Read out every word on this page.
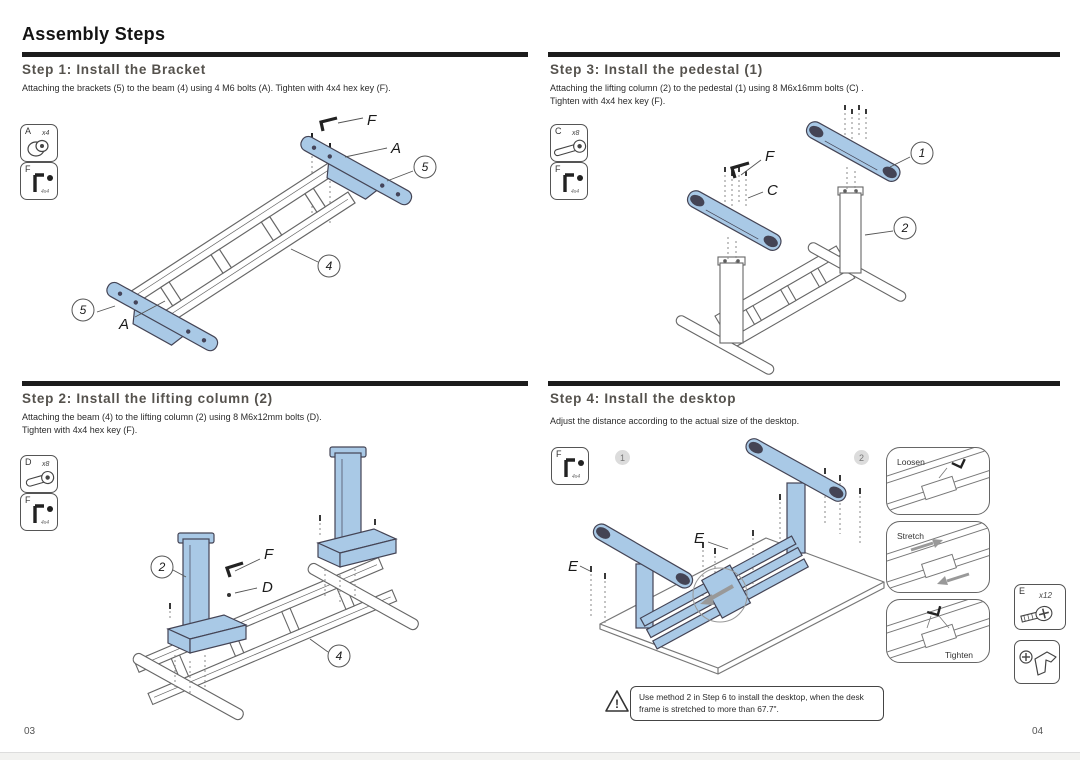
Assembly Steps
Step 1: Install the Bracket
Attaching the brackets (5) to the beam (4) using 4 M6 bolts (A). Tighten with 4x4 hex key (F).
Step 3: Install the pedestal (1)
Attaching the lifting column (2) to the pedestal (1) using 8 M6x16mm bolts (C) .
Tighten with 4x4 hex key (F).
Step 2: Install the lifting column (2)
Attaching the beam (4) to the lifting column (2) using 8 M6x12mm bolts (D).
Tighten with 4x4 hex key (F).
Step 4: Install the desktop
Adjust the distance according to the actual size of the desktop.
A x4
F
4x4
C x8
F
4x4
D x8
F
4x4
F
4x4
F
A
5
4
5
A
2
F
D
4
F
C
1
2
E
E
1	2	Loosen
Stretch
Tighten
E x12
!	Use method 2 in Step 6 to install the desktop, when the desk frame is stretched to more than 67.7".
03	04
